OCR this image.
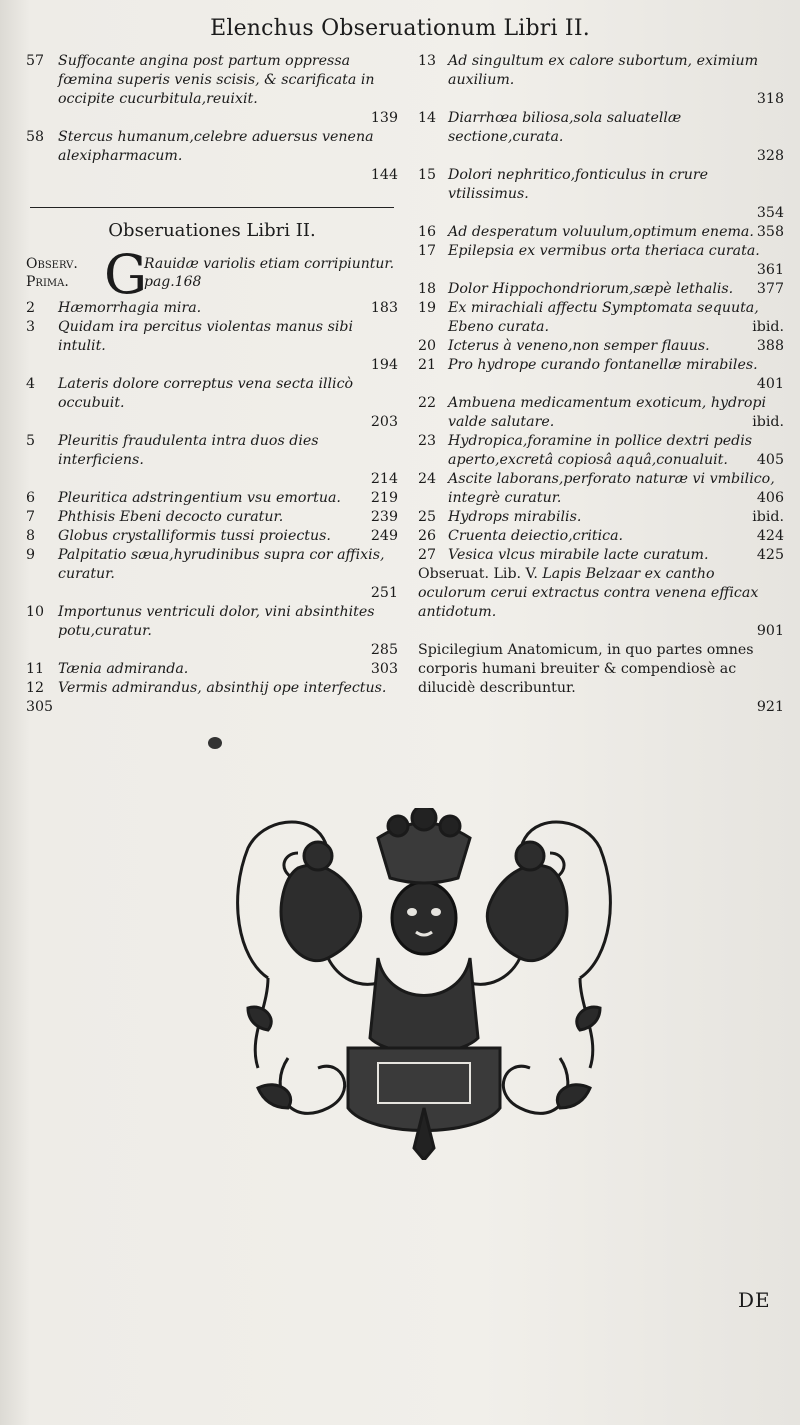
Elenchus Obseruationum Libri II.
57 Suffocante angina post partum oppressa fœmina superis venis scisis, & scarificata in occipite cucurbitula,reuixit.
139
58 Stercus humanum,celebre aduersus venena alexipharmacum.
144
Obseruationes Libri II.
Observ.
Prima. G
Rauidæ variolis etiam corripiuntur.
pag.168
2	Hæmorrhagia mira.	183
3	Quidam ira percitus violentas manus sibi intulit.
194
4	Lateris dolore correptus vena secta illicò occubuit.
203
5	Pleuritis fraudulenta intra duos dies interficiens.
214
6	Pleuritica adstringentium vsu emortua. 219
7	Phthisis Ebeni decocto curatur.	239
8	Globus crystalliformis tussi proiectus.	249
9	Palpitatio sæua,hyrudinibus supra cor affixis, curatur.
251
10 Importunus ventriculi dolor, vini absinthites potu,curatur.
285
11 Tænia admiranda.	303
12 Vermis admirandus, absinthij ope interfectus.
305
13 Ad singultum ex calore subortum, eximium auxilium.
318
14 Diarrhœa biliosa,sola saluatellæ sectione,curata.
328
15 Dolori nephritico,fonticulus in crure vtilissimus.
354
16 Ad desperatum voluulum,optimum enema. 358
17 Epilepsia ex vermibus orta theriaca curata.
361
18 Dolor Hippochondriorum,sæpè lethalis. 377
19 Ex mirachiali affectu Symptomata sequuta, Ebeno curata.	ibid.
20 Icterus à veneno,non semper flauus.	388
21 Pro hydrope curando fontanellæ mirabiles.
401
22 Ambuena medicamentum exoticum, hydropi valde salutare.	ibid.
23 Hydropica,foramine in pollice dextri pedis aperto,excretâ copiosâ aquâ,conualuit. 405
24 Ascite laborans,perforato naturæ vi vmbilico, integrè curatur.	406
25 Hydrops mirabilis.	ibid.
26 Cruenta deiectio,critica.	424
27 Vesica vlcus mirabile lacte curatum.	425
Obseruat. Lib. V. Lapis Belzaar ex cantho oculorum cerui extractus contra venena efficax antidotum.
901
Spicilegium Anatomicum, in quo partes omnes corporis humani breuiter & compendiosè ac dilucidè describuntur.
921
DE
